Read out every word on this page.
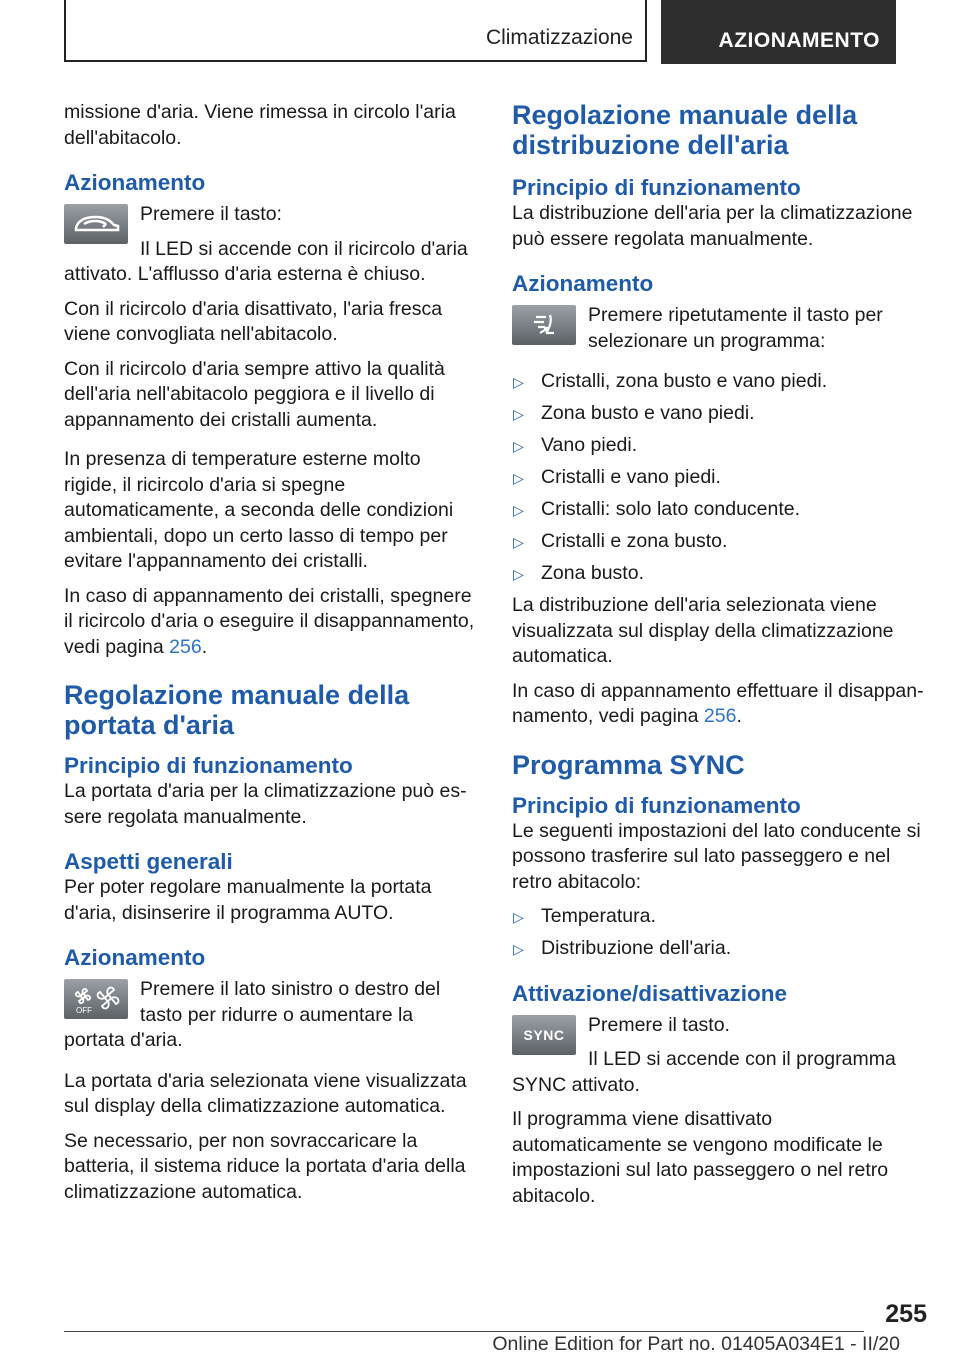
Climatizzazione	AZIONAMENTO

missione d'aria. Viene rimessa in circolo l'aria dell'abitacolo.

Azionamento

Premere il tasto:

Il LED si accende con il ricircolo d'aria attivato. L'afflusso d'aria esterna è chiuso.

Con il ricircolo d'aria disattivato, l'aria fresca viene convogliata nell'abitacolo.

Con il ricircolo d'aria sempre attivo la qualità dell'aria nell'abitacolo peggiora e il livello di appannamento dei cristalli aumenta.

In presenza di temperature esterne molto rigide, il ricircolo d'aria si spegne automaticamente, a seconda delle condizioni ambientali, dopo un certo lasso di tempo per evitare l'appannamento dei cristalli.

In caso di appannamento dei cristalli, spegnere il ricircolo d'aria o eseguire il disappannamento, vedi pagina 256.

Regolazione manuale della portata d'aria
Principio di funzionamento

La portata d'aria per la climatizzazione può essere regolata manualmente.

Aspetti generali

Per poter regolare manualmente la portata d'aria, disinserire il programma AUTO.

Azionamento
OFF

Premere il lato sinistro o destro del tasto per ridurre o aumentare la portata d'aria.

La portata d'aria selezionata viene visualizzata sul display della climatizzazione automatica.

Se necessario, per non sovraccaricare la batteria, il sistema riduce la portata d'aria della climatizzazione automatica.

Regolazione manuale della distribuzione dell'aria
Principio di funzionamento

La distribuzione dell'aria per la climatizzazione può essere regolata manualmente.

Azionamento

Premere ripetutamente il tasto per selezionare un programma:

▷ Cristalli, zona busto e vano piedi.
▷ Zona busto e vano piedi.
▷ Vano piedi.
▷ Cristalli e vano piedi.
▷ Cristalli: solo lato conducente.
▷ Cristalli e zona busto.
▷ Zona busto.

La distribuzione dell'aria selezionata viene visualizzata sul display della climatizzazione automatica.

In caso di appannamento effettuare il disappannamento, vedi pagina 256.

Programma SYNC
Principio di funzionamento

Le seguenti impostazioni del lato conducente si possono trasferire sul lato passeggero e nel retro abitacolo:

▷ Temperatura.
▷ Distribuzione dell'aria.
Attivazione/disattivazione
SYNC	Premere il tasto.

Il LED si accende con il programma SYNC attivato.

Il programma viene disattivato automaticamente se vengono modificate le impostazioni sul lato passeggero o nel retro abitacolo.

255
Online Edition for Part no. 01405A034E1 - II/20
